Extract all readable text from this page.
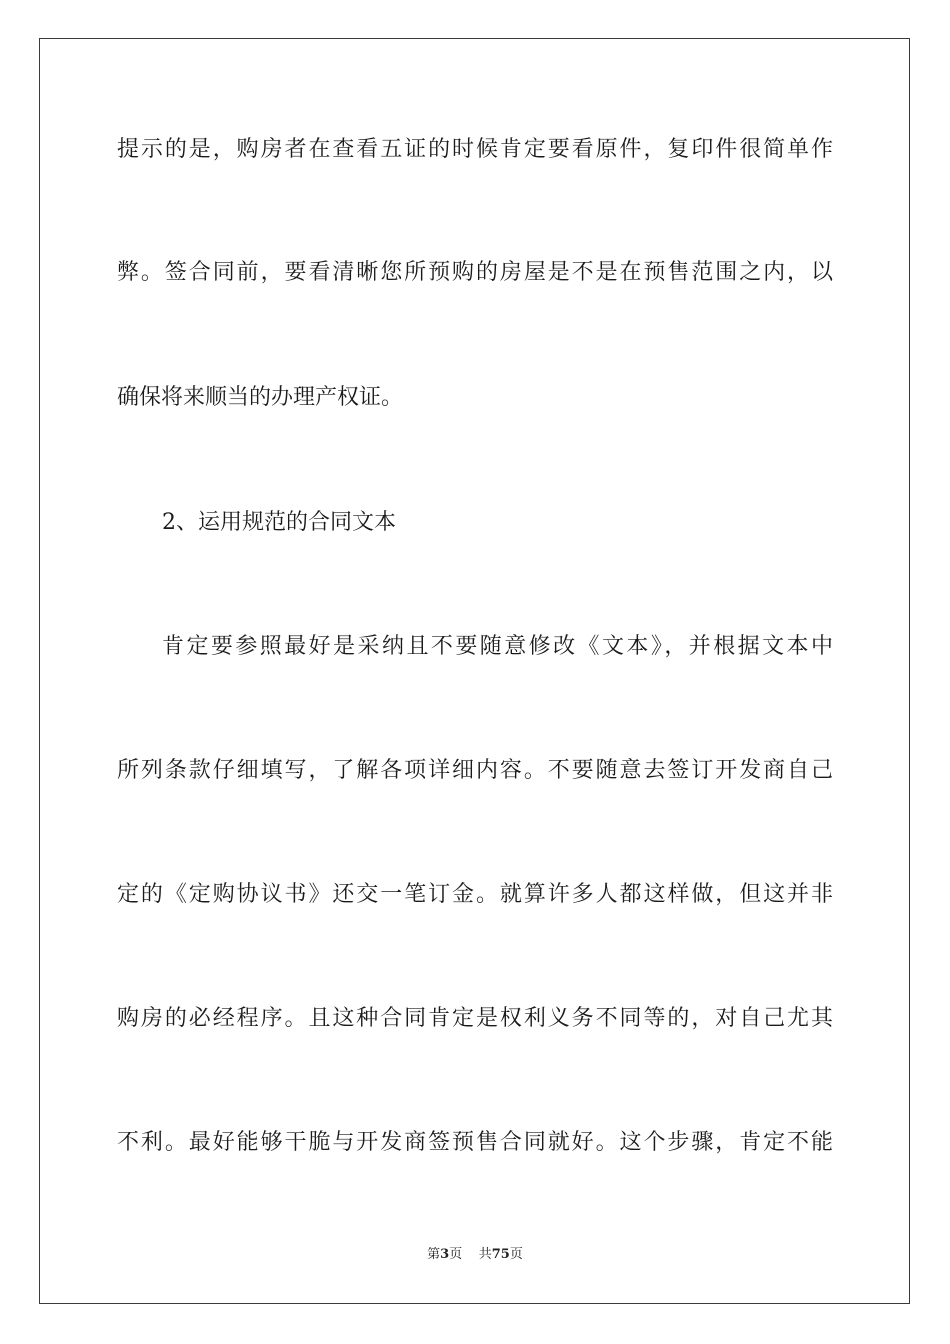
提示的是，购房者在查看五证的时候肯定要看原件，复印件很简单作
弊。签合同前，要看清晰您所预购的房屋是不是在预售范围之内，以
确保将来顺当的办理产权证。
2、运用规范的合同文本
肯定要参照最好是采纳且不要随意修改《文本》，并根据文本中
所列条款仔细填写，了解各项详细内容。不要随意去签订开发商自己
定的《定购协议书》还交一笔订金。就算许多人都这样做，但这并非
购房的必经程序。且这种合同肯定是权利义务不同等的，对自己尤其
不利。最好能够干脆与开发商签预售合同就好。这个步骤，肯定不能
第3页 共75页
